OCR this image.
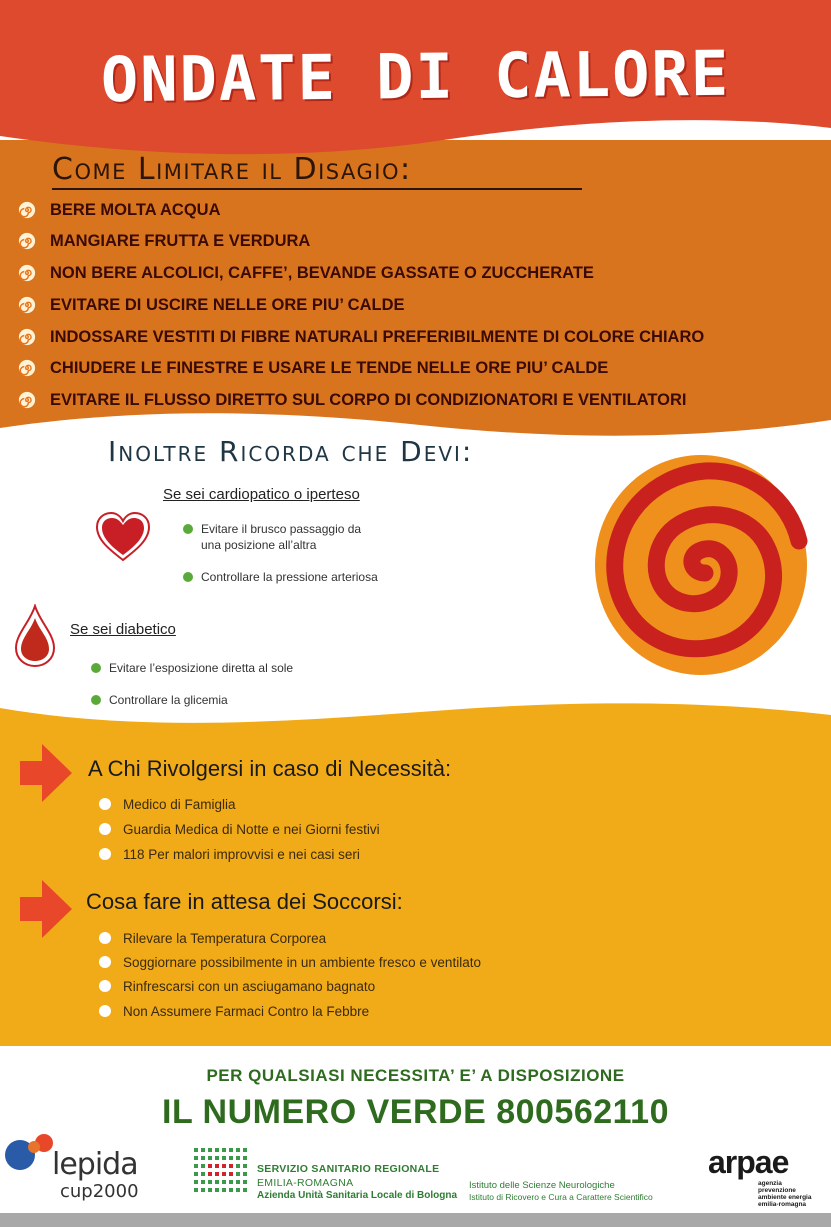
ONDATE DI CALORE
Come Limitare il Disagio:
BERE MOLTA ACQUA
MANGIARE FRUTTA E VERDURA
NON BERE ALCOLICI, CAFFE’, BEVANDE GASSATE O ZUCCHERATE
EVITARE DI USCIRE NELLE ORE PIU’ CALDE
INDOSSARE VESTITI DI FIBRE NATURALI PREFERIBILMENTE DI COLORE CHIARO
CHIUDERE LE FINESTRE E USARE LE TENDE NELLE ORE PIU’ CALDE
EVITARE IL FLUSSO DIRETTO SUL CORPO DI CONDIZIONATORI E VENTILATORI
Inoltre Ricorda che Devi:
Se sei cardiopatico o iperteso
Evitare il brusco passaggio da una posizione all’altra
Controllare la pressione arteriosa
Se sei diabetico
Evitare l’esposizione diretta al sole
Controllare la glicemia
A Chi Rivolgersi in caso di Necessità:
Medico di Famiglia
Guardia Medica di Notte e nei Giorni festivi
118 Per malori improvvisi e nei casi seri
Cosa fare in attesa dei Soccorsi:
Rilevare la Temperatura Corporea
Soggiornare possibilmente in un ambiente fresco e ventilato
Rinfrescarsi con un asciugamano bagnato
Non Assumere Farmaci Contro la Febbre
PER QUALSIASI NECESSITA’ E’ A DISPOSIZIONE
IL NUMERO VERDE 800562110
lepida
cup2000
SERVIZIO SANITARIO REGIONALE
EMILIA-ROMAGNA
Azienda Unità Sanitaria Locale di Bologna
Istituto delle Scienze Neurologiche
Istituto di Ricovero e Cura a Carattere Scientifico
arpae
agenzia
prevenzione
ambiente energia
emilia-romagna
